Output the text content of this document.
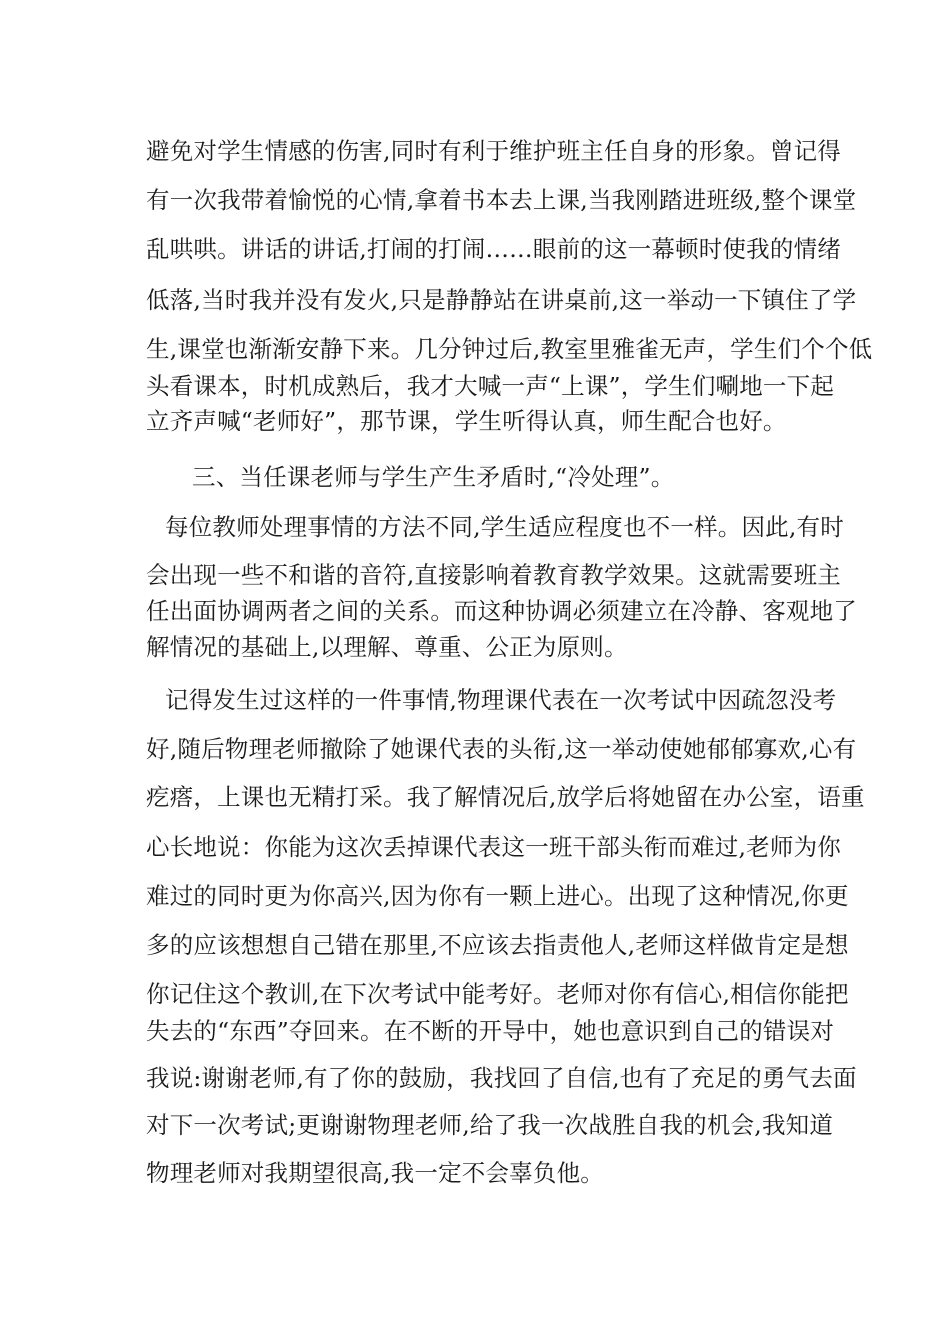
避免对学生情感的伤害,同时有利于维护班主任自身的形象。曾记得
有一次我带着愉悦的心情,拿着书本去上课,当我刚踏进班级,整个课堂
乱哄哄。讲话的讲话,打闹的打闹……眼前的这一幕顿时使我的情绪
低落,当时我并没有发火,只是静静站在讲桌前,这一举动一下镇住了学
生,课堂也渐渐安静下来。几分钟过后,教室里雅雀无声，学生们个个低
头看课本，时机成熟后，我才大喊一声“上课”，学生们唰地一下起
立齐声喊“老师好”，那节课，学生听得认真，师生配合也好。
三、当任课老师与学生产生矛盾时,“冷处理”。
每位教师处理事情的方法不同,学生适应程度也不一样。因此,有时
会出现一些不和谐的音符,直接影响着教育教学效果。这就需要班主
任出面协调两者之间的关系。而这种协调必须建立在冷静、客观地了
解情况的基础上,以理解、尊重、公正为原则。
记得发生过这样的一件事情,物理课代表在一次考试中因疏忽没考
好,随后物理老师撤除了她课代表的头衔,这一举动使她郁郁寡欢,心有
疙瘩，上课也无精打采。我了解情况后,放学后将她留在办公室，语重
心长地说：你能为这次丢掉课代表这一班干部头衔而难过,老师为你
难过的同时更为你高兴,因为你有一颗上进心。出现了这种情况,你更
多的应该想想自己错在那里,不应该去指责他人,老师这样做肯定是想
你记住这个教训,在下次考试中能考好。老师对你有信心,相信你能把
失去的“东西”夺回来。在不断的开导中，她也意识到自己的错误对
我说:谢谢老师,有了你的鼓励，我找回了自信,也有了充足的勇气去面
对下一次考试;更谢谢物理老师,给了我一次战胜自我的机会,我知道
物理老师对我期望很高,我一定不会辜负他。
